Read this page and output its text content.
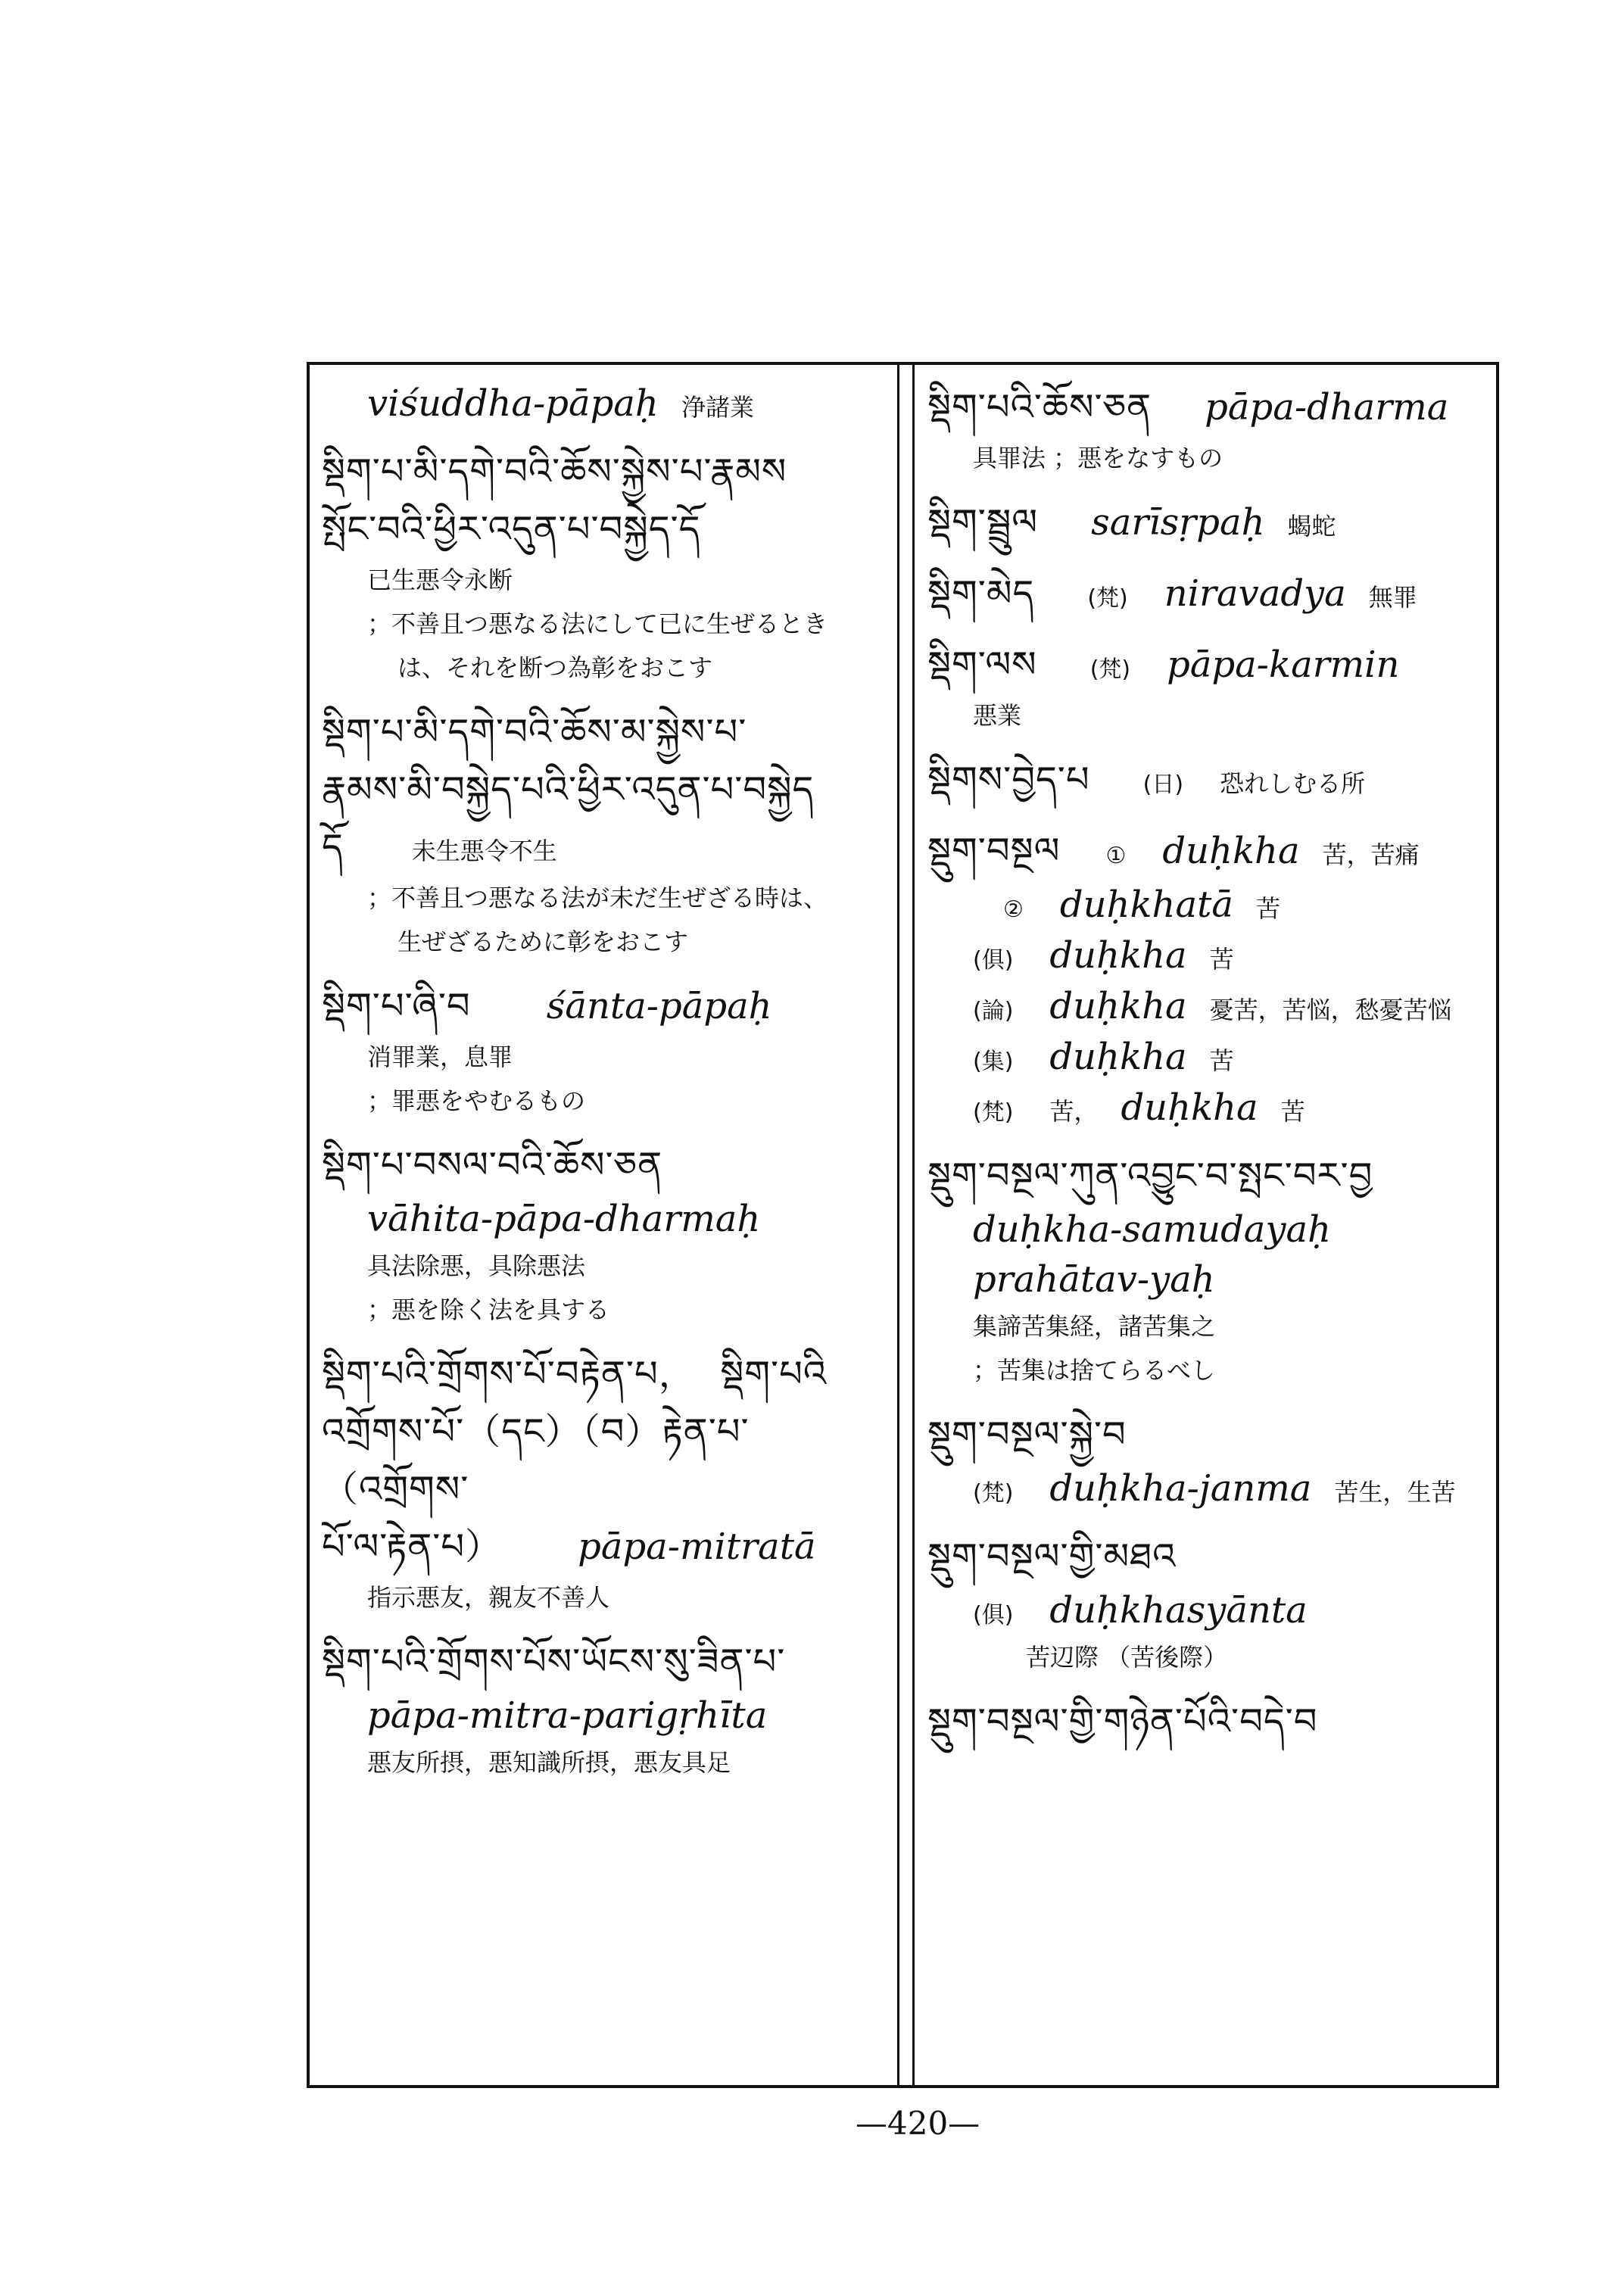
viśuddha-pāpaḥ 浄諸業
སྡིག་པ་མི་དགེ་བའི་ཆོས་སྐྱེས་པ་རྣམས
སྤོང་བའི་ཕྱིར་འདུན་པ་བསྐྱེད་དོ
已生悪令永断
；不善且つ悪なる法にして已に生ぜるとき
は、それを断つ為彰をおこす
སྡིག་པ་མི་དགེ་བའི་ཆོས་མ་སྐྱེས་པ་
རྣམས་མི་བསྐྱེད་པའི་ཕྱིར་འདུན་པ་བསྐྱེད
དོ	未生悪令不生
；不善且つ悪なる法が未だ生ぜざる時は、
生ぜざるために彰をおこす
སྡིག་པ་ཞི་བ śānta-pāpaḥ
消罪業，息罪
；罪悪をやむるもの
སྡིག་པ་བསལ་བའི་ཆོས་ཅན
vāhita-pāpa-dharmaḥ
具法除悪，具除悪法
；悪を除く法を具する
སྡིག་པའི་གྲོགས་པོ་བརྟེན་པ，  སྡིག་པའི
འགྲོགས་པོ་（དང）（བ）རྟེན་པ་（འགྲོགས་
པོ་ལ་རྟེན་པ） pāpa-mitratā
指示悪友，親友不善人
སྡིག་པའི་གྲོགས་པོས་ཡོངས་སུ་ཟིན་པ་
pāpa-mitra-parigṛhīta
悪友所摂，悪知識所摂，悪友具足
སྡིག་པའི་ཆོས་ཅན pāpa-dharma
具罪法 ；悪をなすもの
སྡིག་སྦྲུལ sarīsṛpaḥ 蝎蛇
སྡིག་མེད (梵) niravadya 無罪
སྡིག་ལས (梵) pāpa-karmin
悪業
སྡིགས་བྱེད་པ (日) 恐れしむる所
སྡུག་བསྔལ ① duḥkha 苦，苦痛
② duḥkhatā 苦
(俱) duḥkha 苦
(論) duḥkha 憂苦，苦悩，愁憂苦悩
(集) duḥkha 苦
(梵) 苦， duḥkha 苦
སྡུག་བསྔལ་ཀུན་འབྱུང་བ་སྤང་བར་བྱ
duḥkha-samudayaḥ
prahātav-yaḥ
集諦苦集経，諸苦集之
；苦集は捨てらるべし
སྡུག་བསྔལ་སྐྱེ་བ
(梵) duḥkha-janma 苦生，生苦
སྡུག་བསྔལ་གྱི་མཐའ
(俱) duḥkhasyānta
苦辺際 （苦後際）
སྡུག་བསྔལ་གྱི་གཉེན་པོའི་བདེ་བ
—420—
